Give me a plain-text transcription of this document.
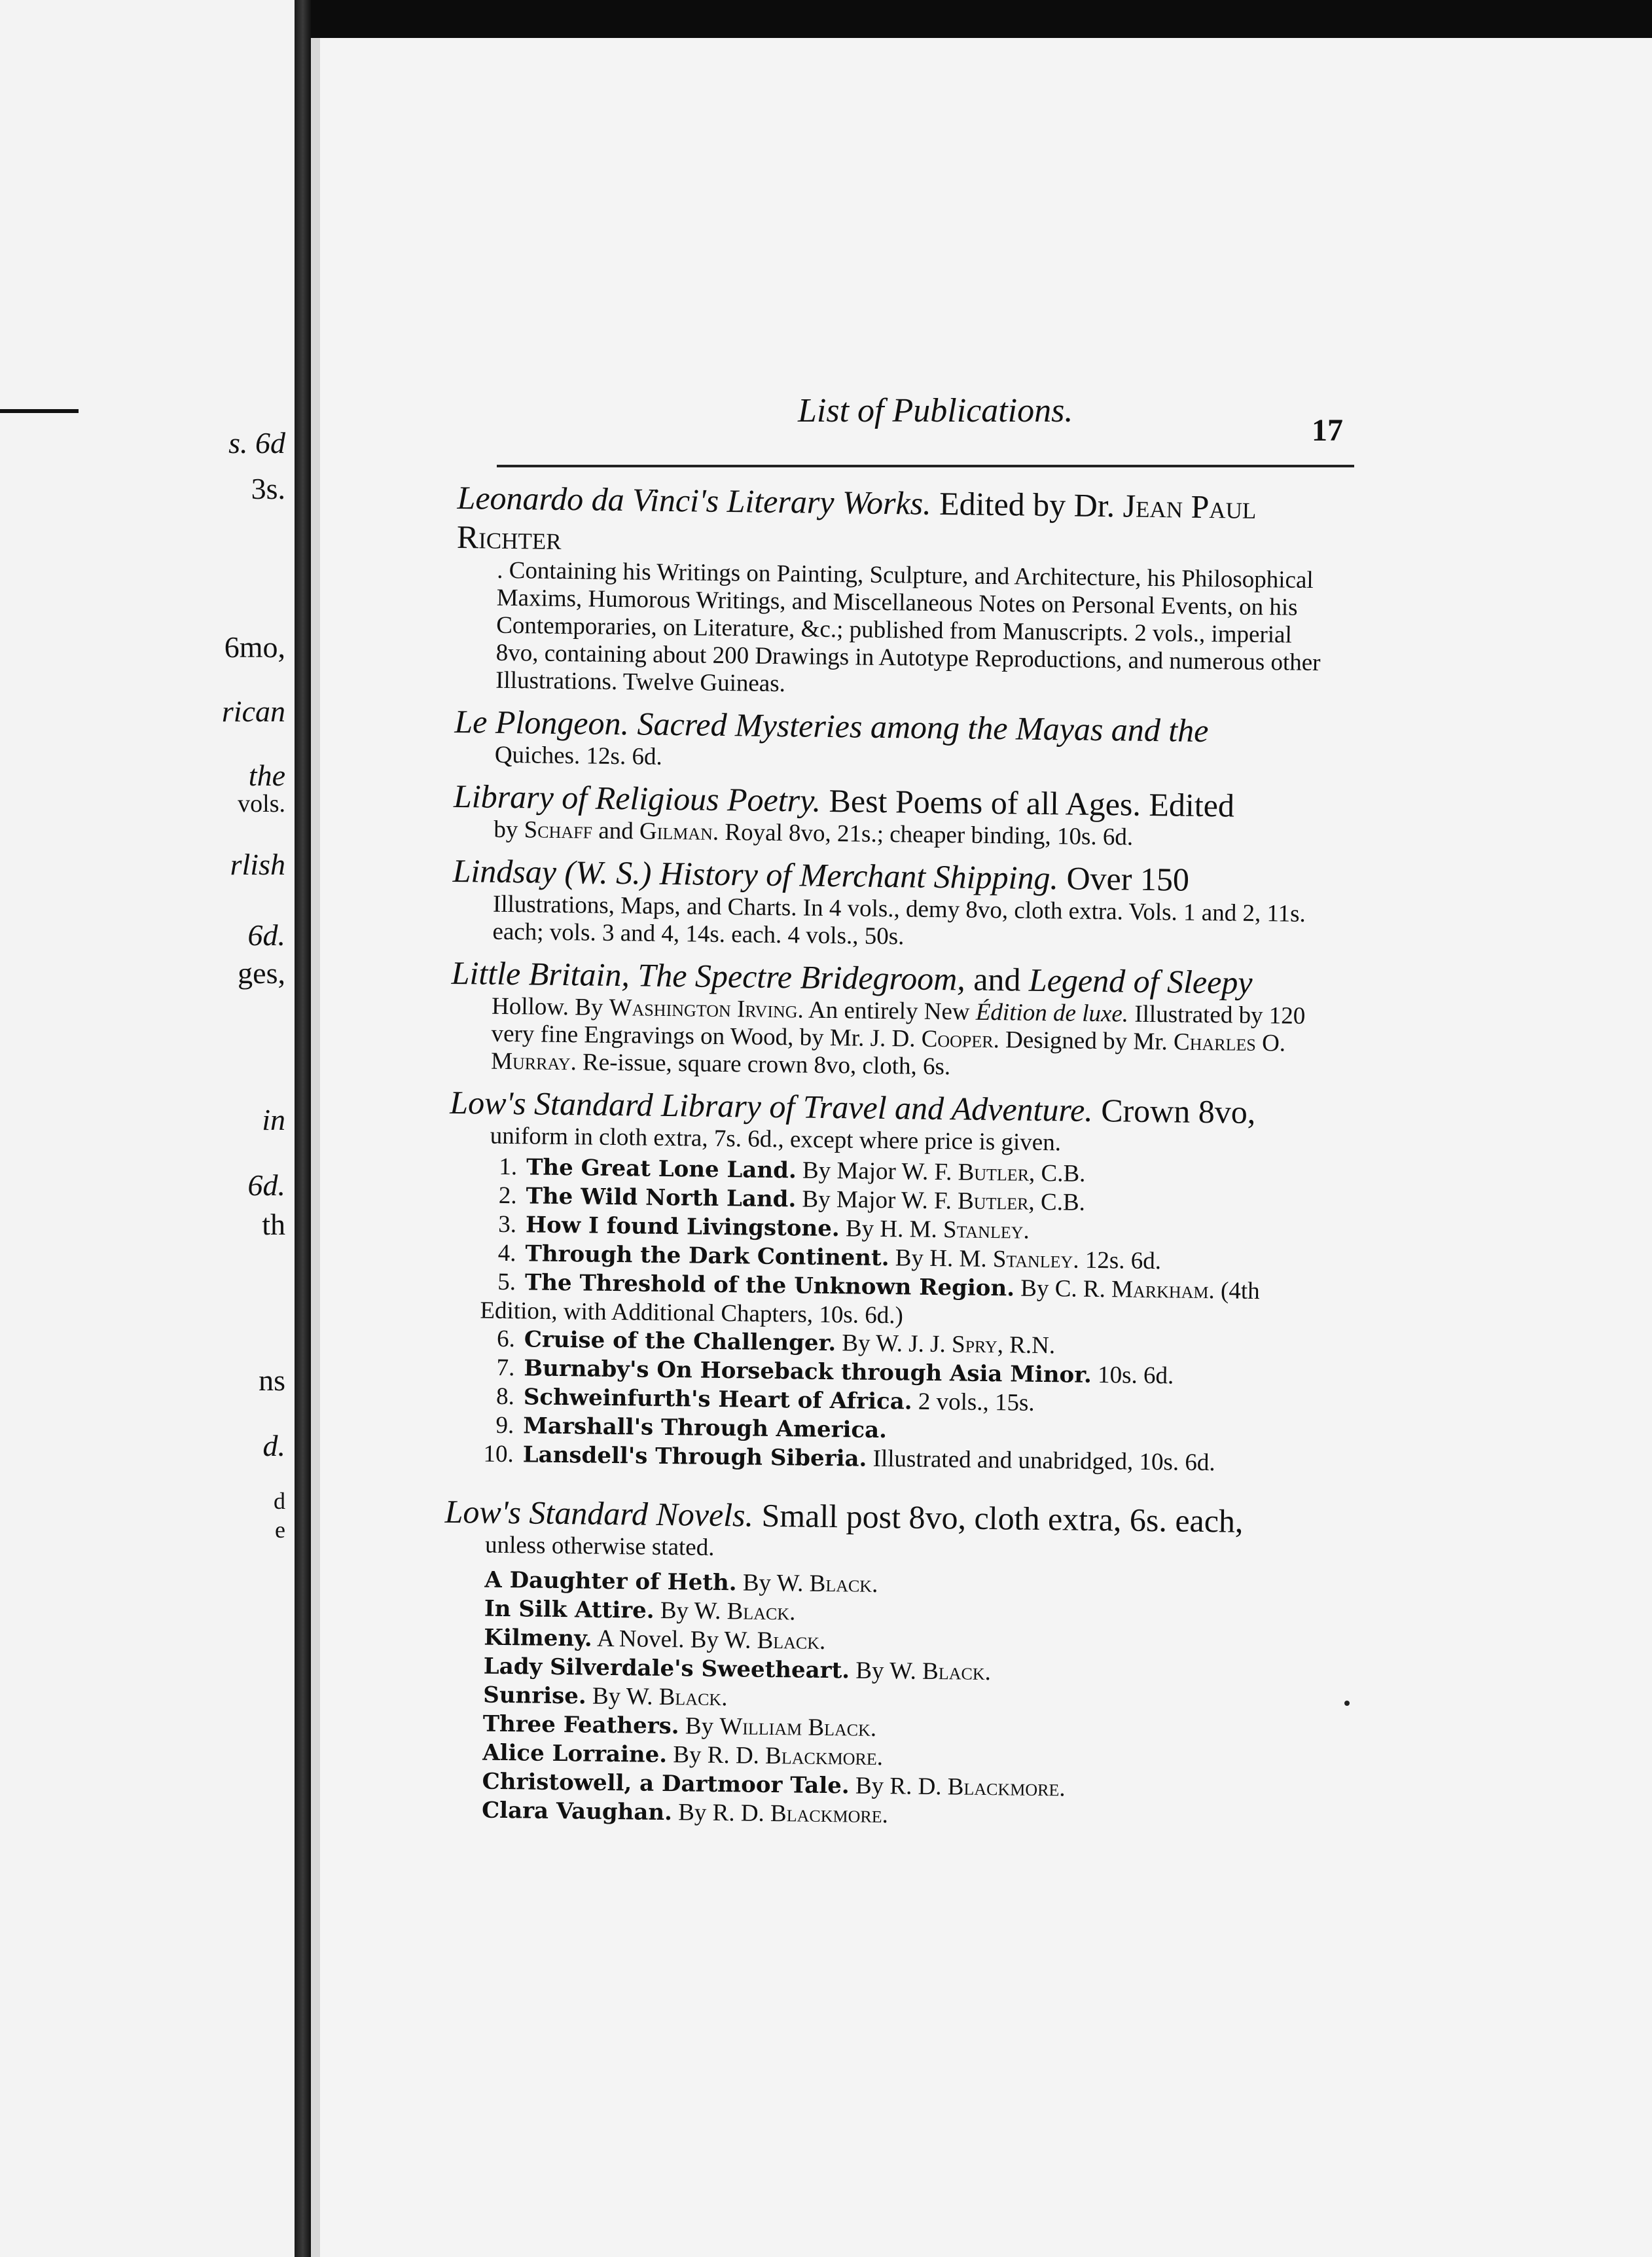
s. 6d
3s.
6mo,
rican
the
vols.
rlish
6d.
ges,
in
6d.
th
ns
d.
d
e
List of Publications.
17
Leonardo da Vinci's Literary Works. Edited by Dr. Jean Paul Richter
. Containing his Writings on Painting, Sculpture, and Architecture, his Philosophical Maxims, Humorous Writings, and Miscellaneous Notes on Personal Events, on his Contemporaries, on Literature, &c.; published from Manuscripts. 2 vols., imperial 8vo, containing about 200 Drawings in Autotype Reproductions, and numerous other Illustrations. Twelve Guineas.
Le Plongeon. Sacred Mysteries among the Mayas and the
Quiches. 12s. 6d.
Library of Religious Poetry. Best Poems of all Ages. Edited
by Schaff and Gilman. Royal 8vo, 21s.; cheaper binding, 10s. 6d.
Lindsay (W. S.) History of Merchant Shipping. Over 150
Illustrations, Maps, and Charts. In 4 vols., demy 8vo, cloth extra. Vols. 1 and 2, 11s. each; vols. 3 and 4, 14s. each. 4 vols., 50s.
Little Britain, The Spectre Bridegroom, and Legend of Sleepy
Hollow. By Washington Irving. An entirely New Édition de luxe. Illustrated by 120 very fine Engravings on Wood, by Mr. J. D. Cooper. Designed by Mr. Charles O. Murray. Re-issue, square crown 8vo, cloth, 6s.
Low's Standard Library of Travel and Adventure. Crown 8vo,
uniform in cloth extra, 7s. 6d., except where price is given.
1. The Great Lone Land. By Major W. F. Butler, C.B.
2. The Wild North Land. By Major W. F. Butler, C.B.
3. How I found Livingstone. By H. M. Stanley.
4. Through the Dark Continent. By H. M. Stanley. 12s. 6d.
5. The Threshold of the Unknown Region. By C. R. Markham. (4th Edition, with Additional Chapters, 10s. 6d.)
6. Cruise of the Challenger. By W. J. J. Spry, R.N.
7. Burnaby's On Horseback through Asia Minor. 10s. 6d.
8. Schweinfurth's Heart of Africa. 2 vols., 15s.
9. Marshall's Through America.
10. Lansdell's Through Siberia. Illustrated and unabridged, 10s. 6d.
Low's Standard Novels. Small post 8vo, cloth extra, 6s. each,
unless otherwise stated.
A Daughter of Heth. By W. Black.
In Silk Attire. By W. Black.
Kilmeny. A Novel. By W. Black.
Lady Silverdale's Sweetheart. By W. Black.
Sunrise. By W. Black.
Three Feathers. By William Black.
Alice Lorraine. By R. D. Blackmore.
Christowell, a Dartmoor Tale. By R. D. Blackmore.
Clara Vaughan. By R. D. Blackmore.
